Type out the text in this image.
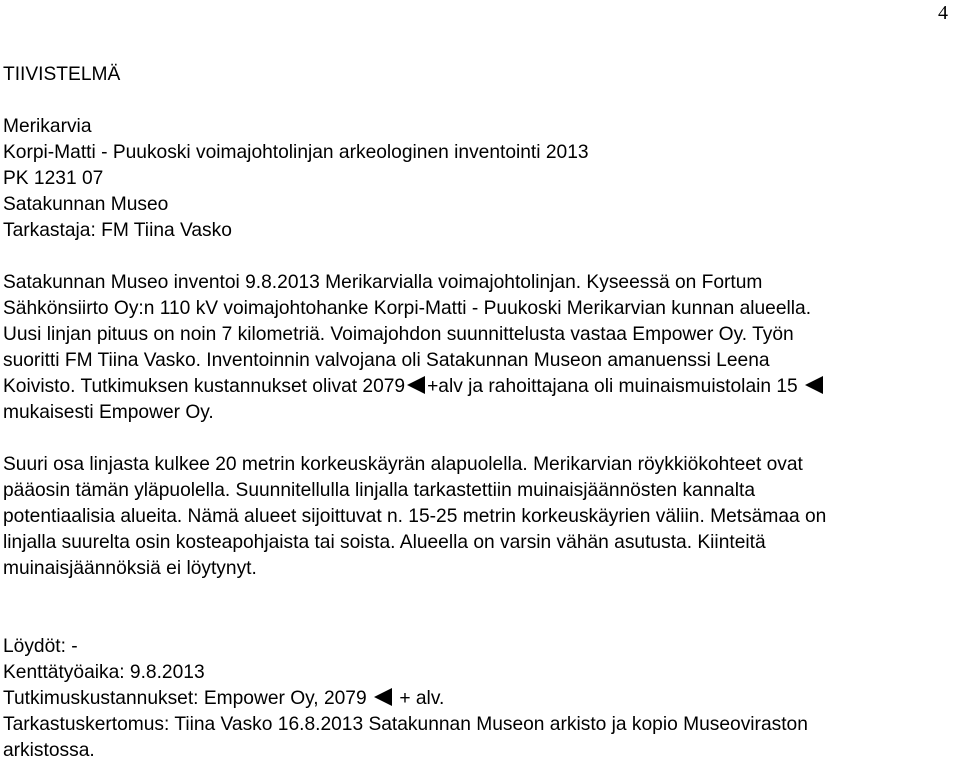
4

TIIVISTELMÄ

Merikarvia

Korpi-Matti - Puukoski voimajohtolinjan arkeologinen inventointi 2013

PK 1231 07

Satakunnan Museo

Tarkastaja: FM Tiina Vasko

Satakunnan Museo inventoi 9.8.2013 Merikarvialla voimajohtolinjan. Kyseessä on Fortum

Sähkönsiirto Oy:n 110 kV voimajohtohanke Korpi-Matti - Puukoski Merikarvian kunnan alueella.

Uusi linjan pituus on noin 7 kilometriä. Voimajohdon suunnittelusta vastaa Empower Oy. Työn

suoritti FM Tiina Vasko. Inventoinnin valvojana oli Satakunnan Museon amanuenssi Leena

Koivisto. Tutkimuksen kustannukset olivat 2079 +alv ja rahoittajana oli muinaismuistolain 15

mukaisesti Empower Oy.

Suuri osa linjasta kulkee 20 metrin korkeuskäyrän alapuolella. Merikarvian röykkiökohteet ovat

pääosin tämän yläpuolella. Suunnitellulla linjalla tarkastettiin muinaisjäännösten kannalta

potentiaalisia alueita. Nämä alueet sijoittuvat n. 15-25 metrin korkeuskäyrien väliin. Metsämaa on

linjalla suurelta osin kosteapohjaista tai soista. Alueella on varsin vähän asutusta. Kiinteitä

muinaisjäännöksiä ei löytynyt.

Löydöt: -

Kenttätyöaika: 9.8.2013

Tutkimuskustannukset: Empower Oy, 2079 + alv.

Tarkastuskertomus: Tiina Vasko 16.8.2013 Satakunnan Museon arkisto ja kopio Museoviraston

arkistossa.
